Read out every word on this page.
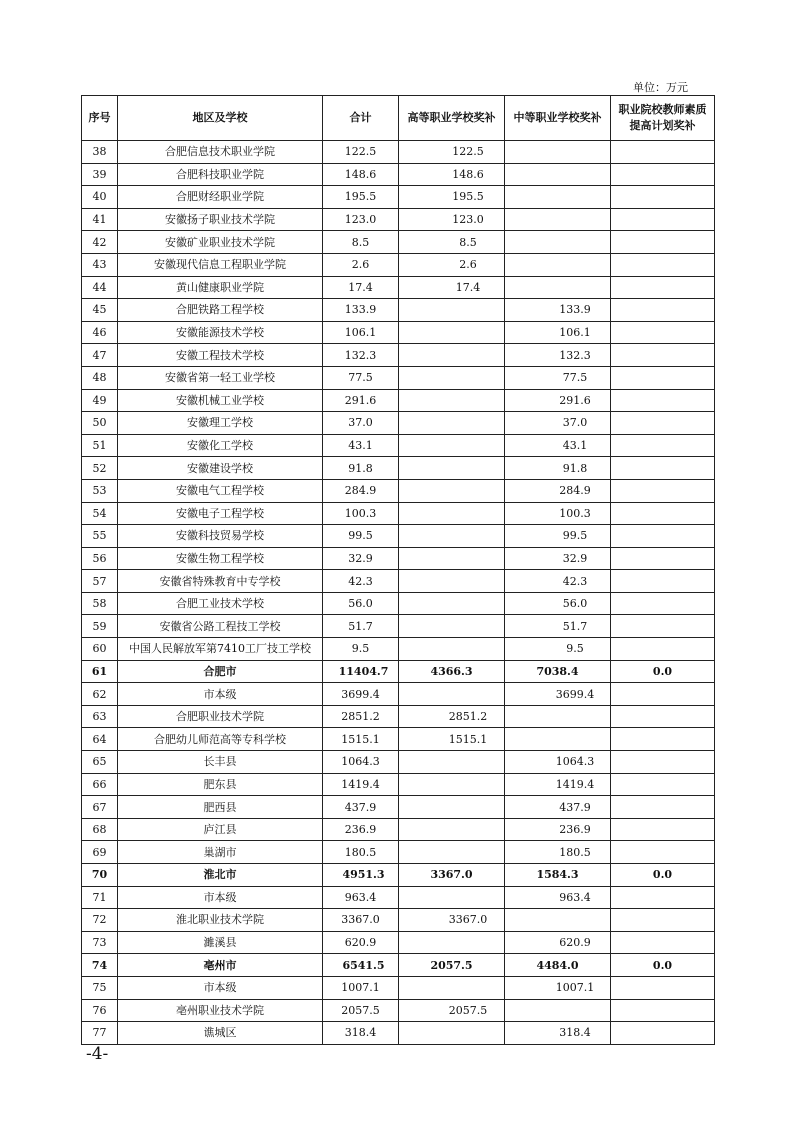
单位：万元
序号	地区及学校	合计	高等职业学校奖补	中等职业学校奖补	职业院校教师素质提高计划奖补
38	合肥信息技术职业学院	122.5	122.5		
39	合肥科技职业学院	148.6	148.6		
40	合肥财经职业学院	195.5	195.5		
41	安徽扬子职业技术学院	123.0	123.0		
42	安徽矿业职业技术学院	8.5	8.5		
43	安徽现代信息工程职业学院	2.6	2.6		
44	黄山健康职业学院	17.4	17.4		
45	合肥铁路工程学校	133.9		133.9	
46	安徽能源技术学校	106.1		106.1	
47	安徽工程技术学校	132.3		132.3	
48	安徽省第一轻工业学校	77.5		77.5	
49	安徽机械工业学校	291.6		291.6	
50	安徽理工学校	37.0		37.0	
51	安徽化工学校	43.1		43.1	
52	安徽建设学校	91.8		91.8	
53	安徽电气工程学校	284.9		284.9	
54	安徽电子工程学校	100.3		100.3	
55	安徽科技贸易学校	99.5		99.5	
56	安徽生物工程学校	32.9		32.9	
57	安徽省特殊教育中专学校	42.3		42.3	
58	合肥工业技术学校	56.0		56.0	
59	安徽省公路工程技工学校	51.7		51.7	
60	中国人民解放军第7410工厂技工学校	9.5		9.5	
61	合肥市	11404.7	4366.3	7038.4	0.0
62	市本级	3699.4		3699.4	
63	合肥职业技术学院	2851.2	2851.2		
64	合肥幼儿师范高等专科学校	1515.1	1515.1		
65	长丰县	1064.3		1064.3	
66	肥东县	1419.4		1419.4	
67	肥西县	437.9		437.9	
68	庐江县	236.9		236.9	
69	巢湖市	180.5		180.5	
70	淮北市	4951.3	3367.0	1584.3	0.0
71	市本级	963.4		963.4	
72	淮北职业技术学院	3367.0	3367.0		
73	濉溪县	620.9		620.9	
74	亳州市	6541.5	2057.5	4484.0	0.0
75	市本级	1007.1		1007.1	
76	亳州职业技术学院	2057.5	2057.5		
77	谯城区	318.4		318.4	
-4-
